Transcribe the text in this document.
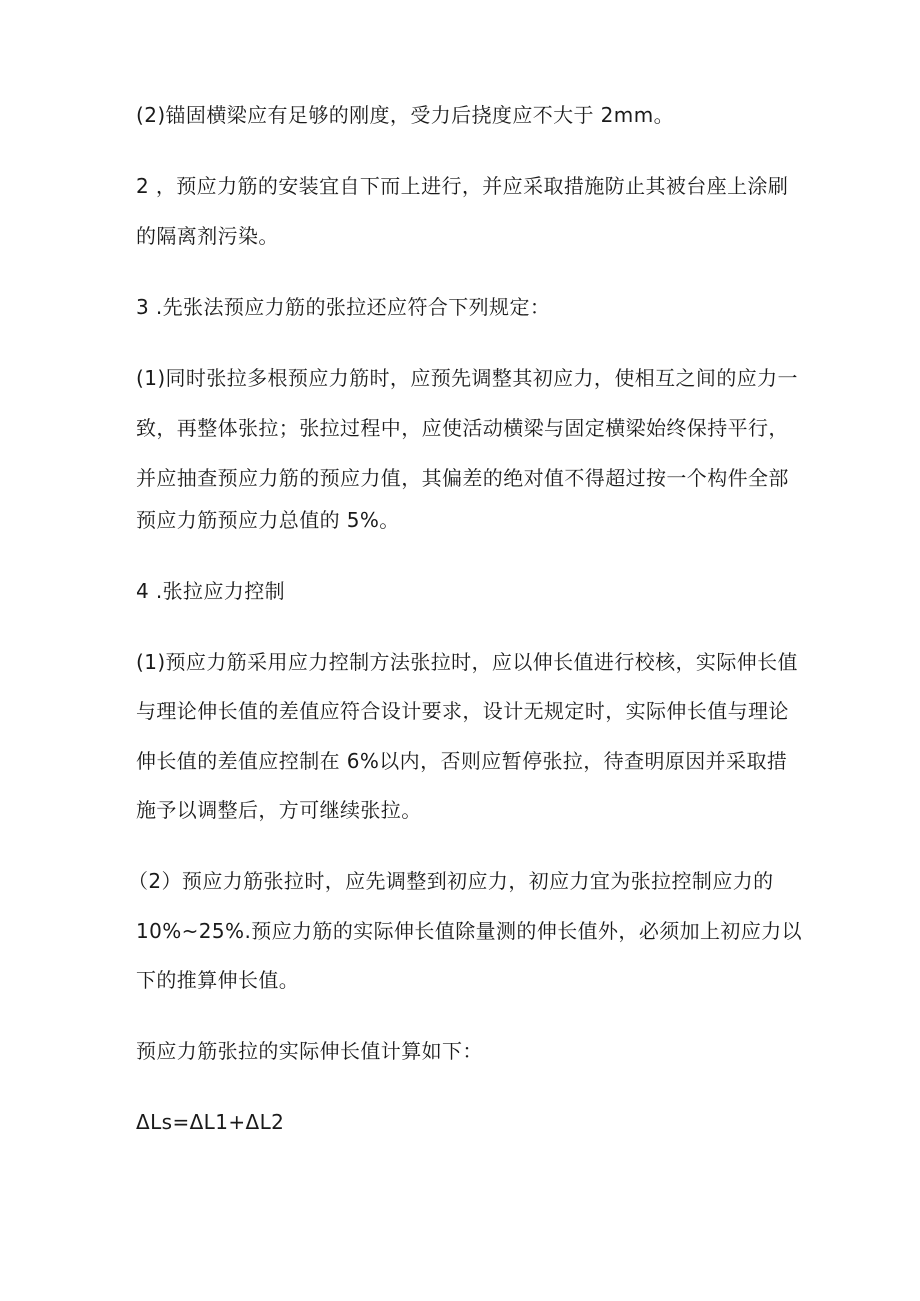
(2)锚固横梁应有足够的刚度，受力后挠度应不大于 2mm。
2 ，预应力筋的安装宜自下而上进行，并应采取措施防止其被台座上涂刷
的隔离剂污染。
3 .先张法预应力筋的张拉还应符合下列规定：
(1)同时张拉多根预应力筋时，应预先调整其初应力，使相互之间的应力一
致，再整体张拉；张拉过程中，应使活动横梁与固定横梁始终保持平行，
并应抽查预应力筋的预应力值，其偏差的绝对值不得超过按一个构件全部
预应力筋预应力总值的 5%。
4 .张拉应力控制
(1)预应力筋采用应力控制方法张拉时，应以伸长值进行校核，实际伸长值
与理论伸长值的差值应符合设计要求，设计无规定时，实际伸长值与理论
伸长值的差值应控制在 6%以内，否则应暂停张拉，待查明原因并采取措
施予以调整后，方可继续张拉。
（2）预应力筋张拉时，应先调整到初应力，初应力宜为张拉控制应力的
10%~25%.预应力筋的实际伸长值除量测的伸长值外，必须加上初应力以
下的推算伸长值。
预应力筋张拉的实际伸长值计算如下：
ΔLs=ΔL1+ΔL2
